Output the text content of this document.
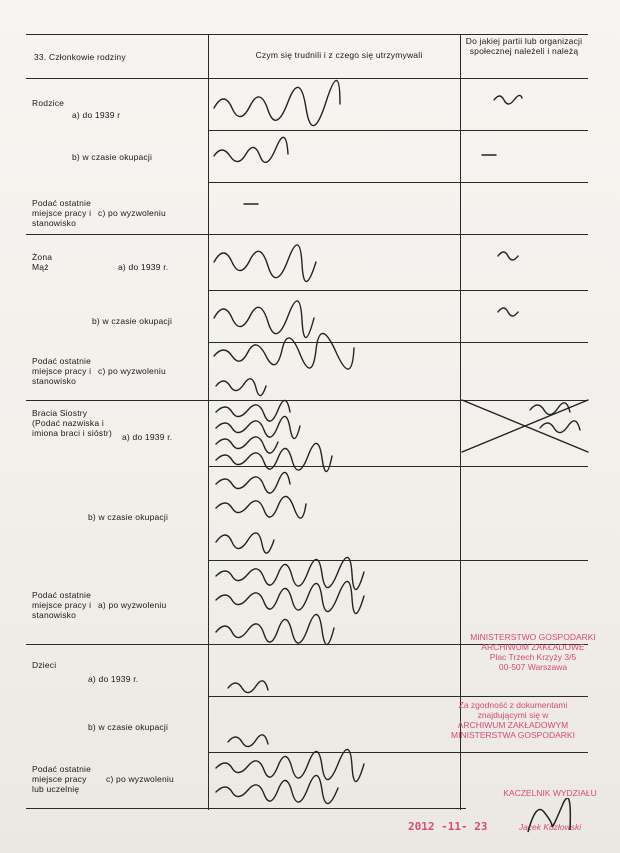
33. Członkowie rodziny	Czym się trudnili i z czego się utrzymywali
Do jakiej partii lub organizacji społecznej należeli i należą
Rodzice
a) do 1939 r
b) w czasie okupacji
Podać ostatnie miejsce pracy i stanowisko
c) po wyzwoleniu
Żona Mąż	a) do 1939 r.
b) w czasie okupacji
Podać ostatnie miejsce pracy i stanowisko
c) po wyzwoleniu
Bracia Siostry (Podać nazwiska i imiona braci i sióstr) a) do 1939 r.
b) w czasie okupacji
Podać ostatnie miejsce pracy i stanowisko
a) po wyzwoleniu
Dzieci
a) do 1939 r.
b) w czasie okupacji
Podać ostatnie miejsce pracy lub uczelnię
c) po wyzwoleniu
MINISTERSTWO GOSPODARKI
ARCHIWUM ZAKŁADOWE
Plac Trzech Krzyży 3/5
00-507 Warszawa
Za zgodność z dokumentami
znajdującymi się w
ARCHIWUM ZAKŁADOWYM
MINISTERSTWA GOSPODARKI
KACZELNIK WYDZIAŁU
Jacek Kozłowski
2012 -11- 23
